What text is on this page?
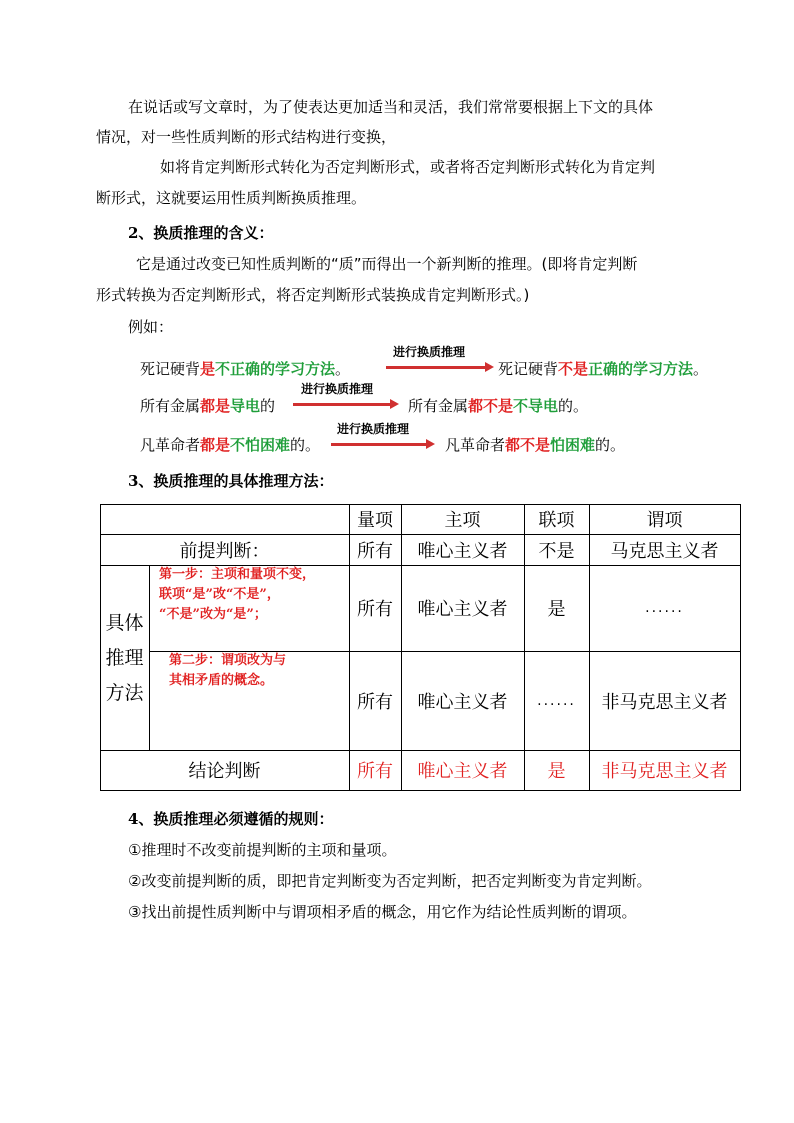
在说话或写文章时，为了使表达更加适当和灵活，我们常常要根据上下文的具体
情况，对一些性质判断的形式结构进行变换，
如将肯定判断形式转化为否定判断形式，或者将否定判断形式转化为肯定判
断形式，这就要运用性质判断换质推理。
2、换质推理的含义：
它是通过改变已知性质判断的“质”而得出一个新判断的推理。(即将肯定判断
形式转换为否定判断形式，将否定判断形式装换成肯定判断形式。)
例如：
死记硬背是不正确的学习方法。
进行换质推理
死记硬背不是正确的学习方法。
所有金属都是导电的
进行换质推理
所有金属都不是不导电的。
凡革命者都是不怕困难的。
进行换质推理
凡革命者都不是怕困难的。
3、换质推理的具体推理方法：
量项	主项	联项	谓项
前提判断：	所有	唯心主义者	不是	马克思主义者
具体
推理
方法
第一步：主项和量项不变，
联项“是”改“不是”，
“不是”改为“是”；	所有	唯心主义者	是	......
第二步：谓项改为与
其相矛盾的概念。
所有	唯心主义者	......	非马克思主义者
结论判断	所有	唯心主义者	是	非马克思主义者
4、换质推理必须遵循的规则：
①推理时不改变前提判断的主项和量项。
②改变前提判断的质，即把肯定判断变为否定判断，把否定判断变为肯定判断。
③找出前提性质判断中与谓项相矛盾的概念，用它作为结论性质判断的谓项。
